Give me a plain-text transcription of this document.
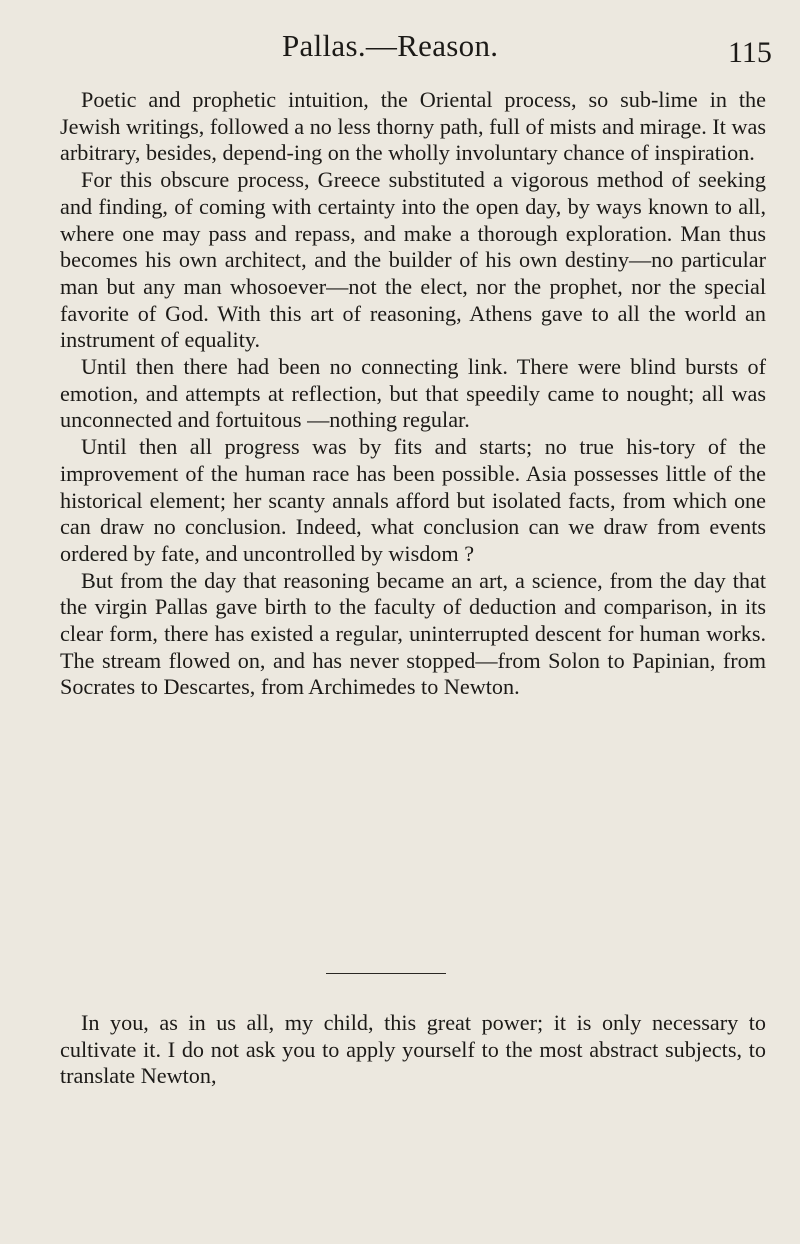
Pallas.—Reason.	115

Poetic and prophetic intuition, the Oriental process, so sub-lime in the Jewish writings, followed a no less thorny path, full of mists and mirage. It was arbitrary, besides, depend-ing on the wholly involuntary chance of inspiration.

For this obscure process, Greece substituted a vigorous method of seeking and finding, of coming with certainty into the open day, by ways known to all, where one may pass and repass, and make a thorough exploration. Man thus becomes his own architect, and the builder of his own destiny—no particular man but any man whosoever—not the elect, nor the prophet, nor the special favorite of God. With this art of reasoning, Athens gave to all the world an instrument of equality.

Until then there had been no connecting link. There were blind bursts of emotion, and attempts at reflection, but that speedily came to nought; all was unconnected and fortuitous —nothing regular.

Until then all progress was by fits and starts; no true his-tory of the improvement of the human race has been possible. Asia possesses little of the historical element; her scanty annals afford but isolated facts, from which one can draw no conclusion. Indeed, what conclusion can we draw from events ordered by fate, and uncontrolled by wisdom ?

But from the day that reasoning became an art, a science, from the day that the virgin Pallas gave birth to the faculty of deduction and comparison, in its clear form, there has existed a regular, uninterrupted descent for human works. The stream flowed on, and has never stopped—from Solon to Papinian, from Socrates to Descartes, from Archimedes to Newton.

In you, as in us all, my child, this great power; it is only necessary to cultivate it. I do not ask you to apply yourself to the most abstract subjects, to translate Newton,
